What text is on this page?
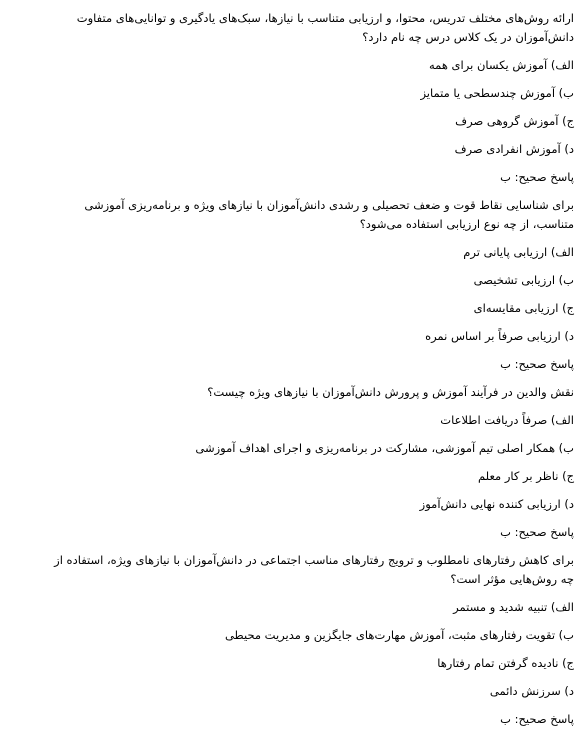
ارائه روش‌های مختلف تدریس، محتوا، و ارزیابی متناسب با نیازها، سبک‌های یادگیری و توانایی‌های متفاوت دانش‌آموزان در یک کلاس درس چه نام دارد؟

الف) آموزش یکسان برای همه

ب) آموزش چندسطحی یا متمایز

ج) آموزش گروهی صرف

د) آموزش انفرادی صرف

پاسخ صحیح: ب

برای شناسایی نقاط قوت و ضعف تحصیلی و رشدی دانش‌آموزان با نیازهای ویژه و برنامه‌ریزی آموزشی متناسب، از چه نوع ارزیابی استفاده می‌شود؟

الف) ارزیابی پایانی ترم

ب) ارزیابی تشخیصی

ج) ارزیابی مقایسه‌ای

د) ارزیابی صرفاً بر اساس نمره

پاسخ صحیح: ب

نقش والدین در فرآیند آموزش و پرورش دانش‌آموزان با نیازهای ویژه چیست؟

الف) صرفاً دریافت اطلاعات

ب) همکار اصلی تیم آموزشی، مشارکت در برنامه‌ریزی و اجرای اهداف آموزشی

ج) ناظر بر کار معلم

د) ارزیابی کننده نهایی دانش‌آموز

پاسخ صحیح: ب

برای کاهش رفتارهای نامطلوب و ترویج رفتارهای مناسب اجتماعی در دانش‌آموزان با نیازهای ویژه، استفاده از چه روش‌هایی مؤثر است؟

الف) تنبیه شدید و مستمر

ب) تقویت رفتارهای مثبت، آموزش مهارت‌های جایگزین و مدیریت محیطی

ج) نادیده گرفتن تمام رفتارها

د) سرزنش دائمی

پاسخ صحیح: ب
